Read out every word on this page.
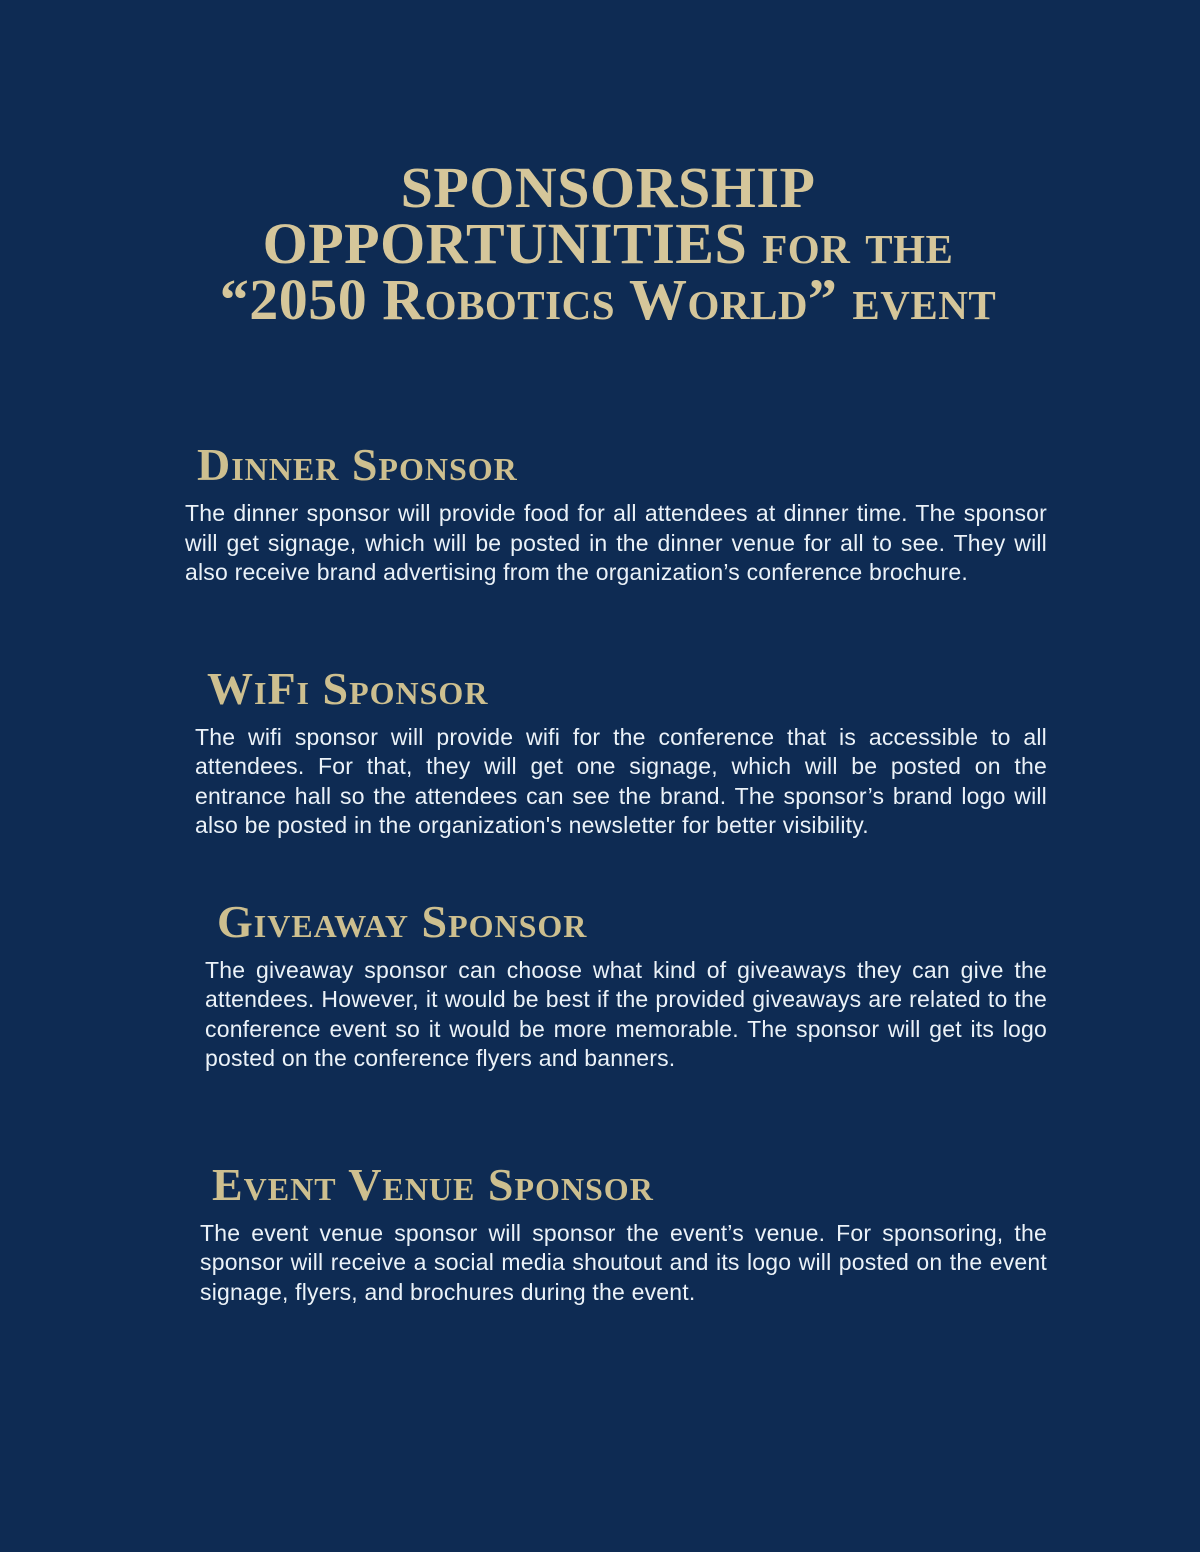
SPONSORSHIP
OPPORTUNITIES for the
“2050 Robotics World” event
Dinner Sponsor

The dinner sponsor will provide food for all attendees at dinner time. The sponsor will get signage, which will be posted in the dinner venue for all to see. They will also receive brand advertising from the organization’s conference brochure.

WiFi Sponsor

The wifi sponsor will provide wifi for the conference that is accessible to all attendees. For that, they will get one signage, which will be posted on the entrance hall so the attendees can see the brand. The sponsor’s brand logo will also be posted in the organization's newsletter for better visibility.

Giveaway Sponsor

The giveaway sponsor can choose what kind of giveaways they can give the attendees. However, it would be best if the provided giveaways are related to the conference event so it would be more memorable. The sponsor will get its logo posted on the conference flyers and banners.

Event Venue Sponsor

The event venue sponsor will sponsor the event’s venue. For sponsoring, the sponsor will receive a social media shoutout and its logo will posted on the event signage, flyers, and brochures during the event.
